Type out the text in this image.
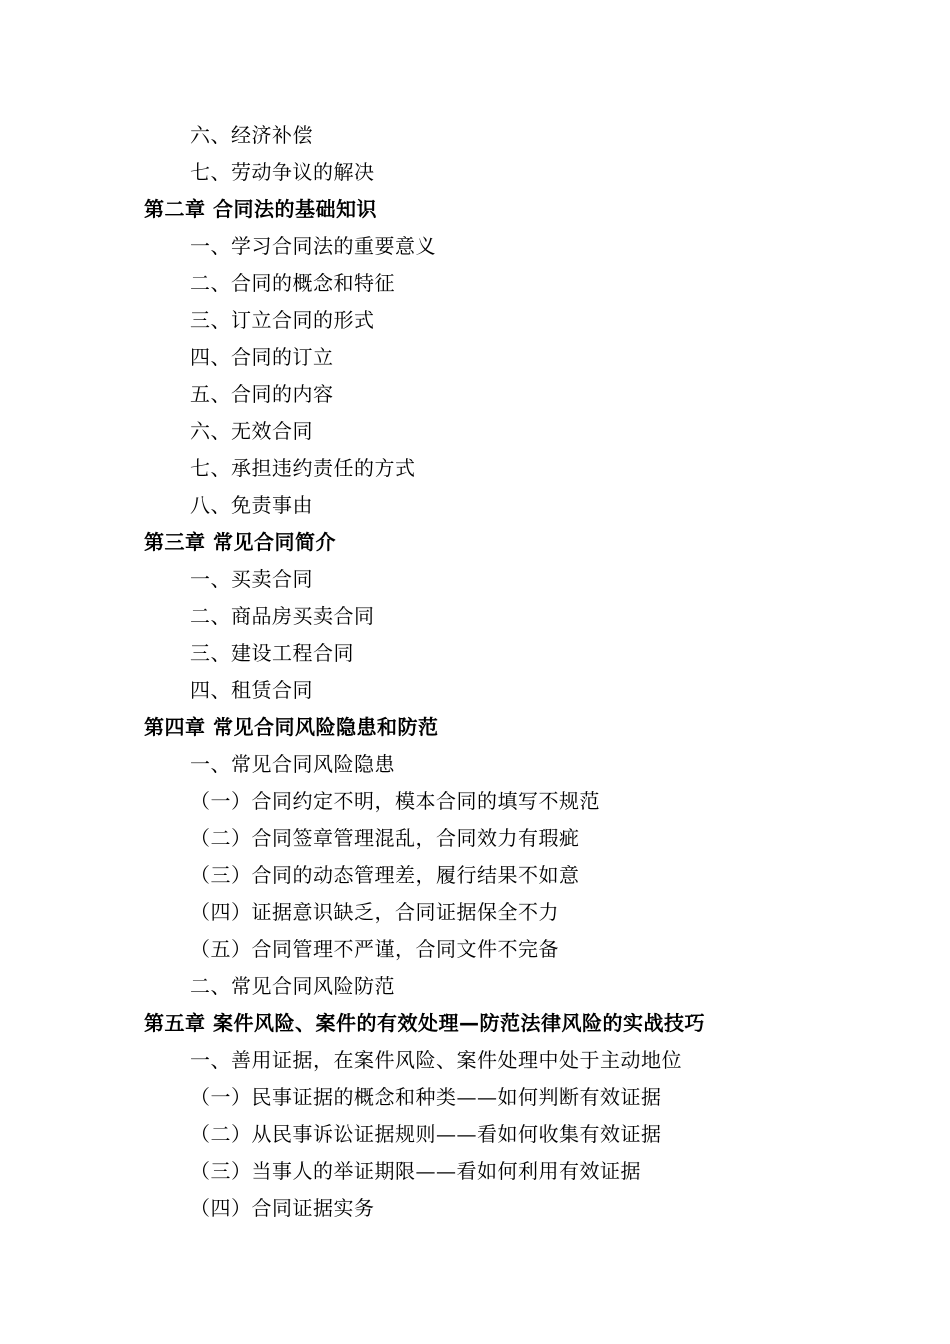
六、经济补偿
七、劳动争议的解决
第二章 合同法的基础知识
一、学习合同法的重要意义
二、合同的概念和特征
三、订立合同的形式
四、合同的订立
五、合同的内容
六、无效合同
七、承担违约责任的方式
八、免责事由
第三章 常见合同简介
一、买卖合同
二、商品房买卖合同
三、建设工程合同
四、租赁合同
第四章 常见合同风险隐患和防范
一、常见合同风险隐患
（一）合同约定不明，模本合同的填写不规范
（二）合同签章管理混乱，合同效力有瑕疵
（三）合同的动态管理差，履行结果不如意
（四）证据意识缺乏，合同证据保全不力
（五）合同管理不严谨，合同文件不完备
二、常见合同风险防范
第五章 案件风险、案件的有效处理—防范法律风险的实战技巧
一、善用证据，在案件风险、案件处理中处于主动地位
（一）民事证据的概念和种类——如何判断有效证据
（二）从民事诉讼证据规则——看如何收集有效证据
（三）当事人的举证期限——看如何利用有效证据
（四）合同证据实务
